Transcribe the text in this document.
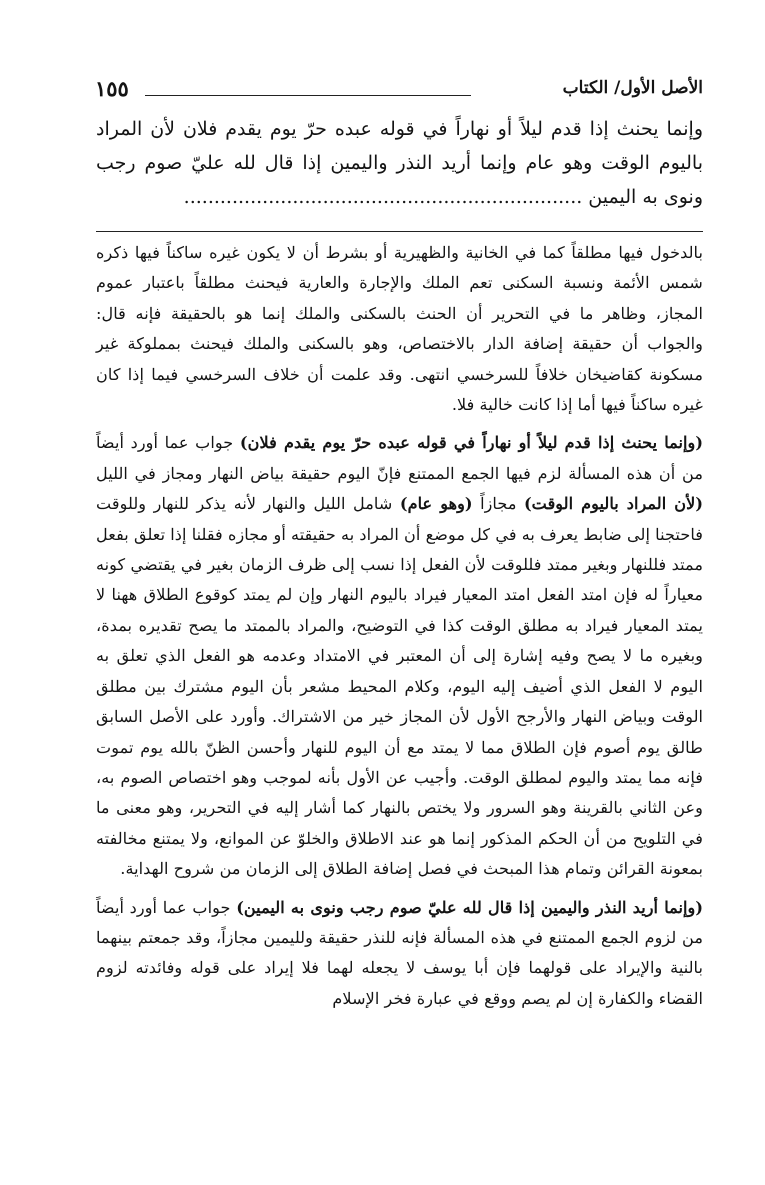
الأصل الأول/ الكتاب
١٥٥

وإنما يحنث إذا قدم ليلاً أو نهاراً في قوله عبده حرّ يوم يقدم فلان لأن المراد باليوم الوقت وهو عام وإنما أريد النذر واليمين إذا قال لله عليّ صوم رجب ونوى به اليمين ..................................................................

بالدخول فيها مطلقاً كما في الخانية والظهيرية أو بشرط أن لا يكون غيره ساكناً فيها ذكره شمس الأئمة ونسبة السكنى تعم الملك والإجارة والعارية فيحنث مطلقاً باعتبار عموم المجاز، وظاهر ما في التحرير أن الحنث بالسكنى والملك إنما هو بالحقيقة فإنه قال: والجواب أن حقيقة إضافة الدار بالاختصاص، وهو بالسكنى والملك فيحنث بمملوكة غير مسكونة كقاضيخان خلافاً للسرخسي انتهى. وقد علمت أن خلاف السرخسي فيما إذا كان غيره ساكناً فيها أما إذا كانت خالية فلا.

(وإنما يحنث إذا قدم ليلاً أو نهاراً في قوله عبده حرّ يوم يقدم فلان) جواب عما أورد أيضاً من أن هذه المسألة لزم فيها الجمع الممتنع فإنّ اليوم حقيقة بياض النهار ومجاز في الليل (لأن المراد باليوم الوقت) مجازاً (وهو عام) شامل الليل والنهار لأنه يذكر للنهار وللوقت فاحتجنا إلى ضابط يعرف به في كل موضع أن المراد به حقيقته أو مجازه فقلنا إذا تعلق بفعل ممتد فللنهار وبغير ممتد فللوقت لأن الفعل إذا نسب إلى ظرف الزمان بغير في يقتضي كونه معياراً له فإن امتد الفعل امتد المعيار فيراد باليوم النهار وإن لم يمتد كوقوع الطلاق ههنا لا يمتد المعيار فيراد به مطلق الوقت كذا في التوضيح، والمراد بالممتد ما يصح تقديره بمدة، وبغيره ما لا يصح وفيه إشارة إلى أن المعتبر في الامتداد وعدمه هو الفعل الذي تعلق به اليوم لا الفعل الذي أضيف إليه اليوم، وكلام المحيط مشعر بأن اليوم مشترك بين مطلق الوقت وبياض النهار والأرجح الأول لأن المجاز خير من الاشتراك. وأورد على الأصل السابق طالق يوم أصوم فإن الطلاق مما لا يمتد مع أن اليوم للنهار وأحسن الظنّ بالله يوم تموت فإنه مما يمتد واليوم لمطلق الوقت. وأجيب عن الأول بأنه لموجب وهو اختصاص الصوم به، وعن الثاني بالقرينة وهو السرور ولا يختص بالنهار كما أشار إليه في التحرير، وهو معنى ما في التلويح من أن الحكم المذكور إنما هو عند الاطلاق والخلوّ عن الموانع، ولا يمتنع مخالفته بمعونة القرائن وتمام هذا المبحث في فصل إضافة الطلاق إلى الزمان من شروح الهداية.

(وإنما أريد النذر واليمين إذا قال لله عليّ صوم رجب ونوى به اليمين) جواب عما أورد أيضاً من لزوم الجمع الممتنع في هذه المسألة فإنه للنذر حقيقة ولليمين مجازاً، وقد جمعتم بينهما بالنية والإيراد على قولهما فإن أبا يوسف لا يجعله لهما فلا إيراد على قوله وفائدته لزوم القضاء والكفارة إن لم يصم ووقع في عبارة فخر الإسلام
